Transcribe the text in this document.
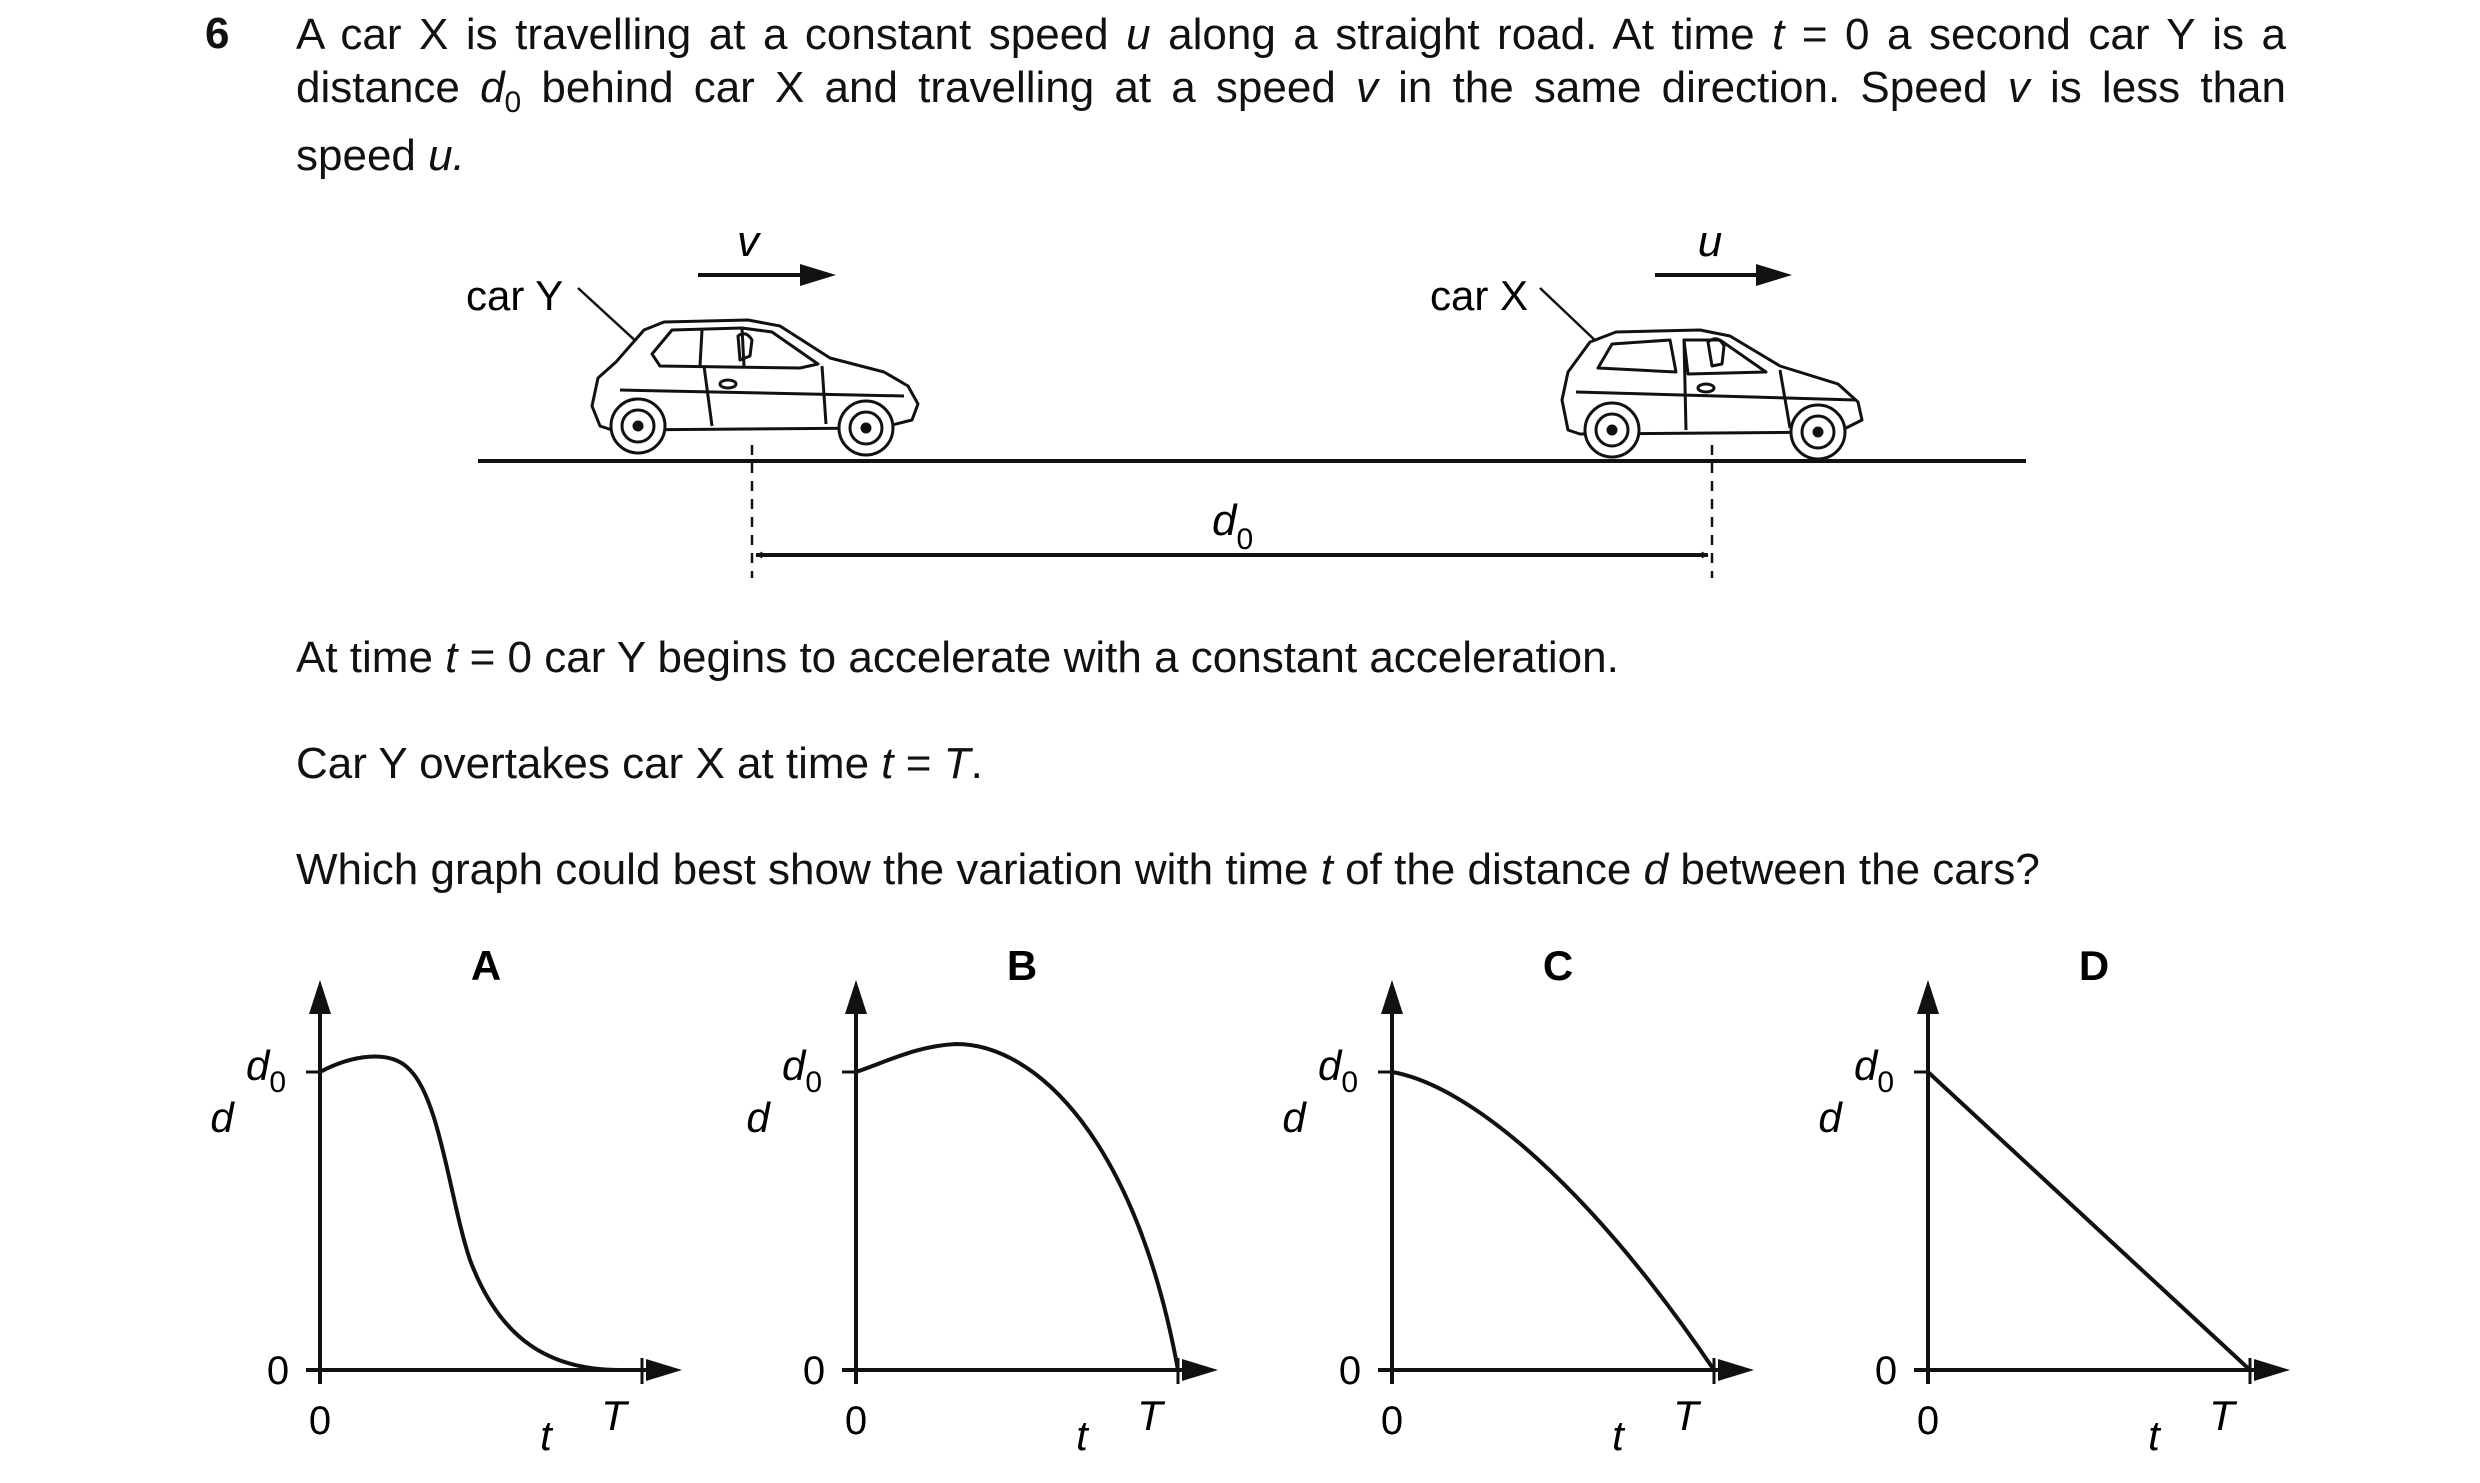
6 A car X is travelling at a constant speed u along a straight road. At time t = 0 a second car Y is a
distance $d_0$ behind car X and travelling at a speed v in the same direction. Speed v is less than
speed u.
v	u
car Y	car X
$d_0$
At time t = 0 car Y begins to accelerate with a constant acceleration.
Car Y overtakes car X at time t = T.
Which graph could best show the variation with time t of the distance d between the cars?
A
$d_0$
d
0
0	t T
B
$d_0$
d
0
0	t T
C
$d_0$
d
0
0	t T
D
$d_0$
d
0
0	t T
